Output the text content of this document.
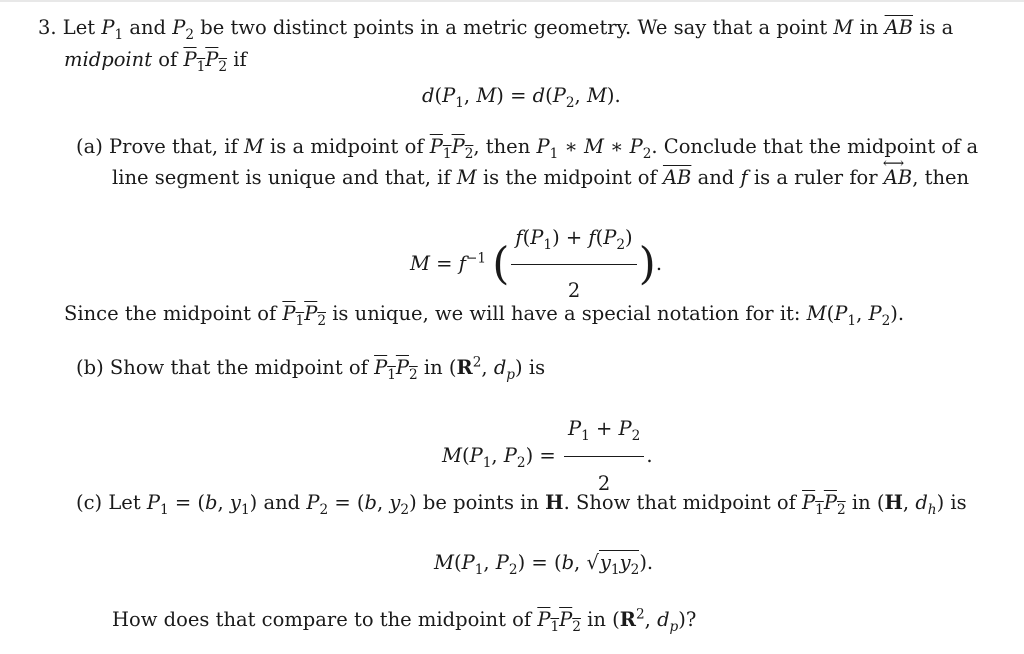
3. Let $P_1$ and $P_2$ be two distinct points in a metric geometry. We say that a point M in $\overline{AB}$ is a
midpoint of $P_1P_2$ if
$d(P_1$, $M) = d(P_2$, M).
(a) Prove that, if M is a midpoint of $P_1P_2$, then $P_1$ ∗ M ∗ $P_2$. Conclude that the midpoint of a
line segment is unique and that, if M is the midpoint of $\overline{AB}$ and f is a ruler for ⟷ AB, then
$M = f^{-1}$ ( $\frac{f(P_1) + f(P_2)}{2}$ ).
Since the midpoint of $P_1P_2$ is unique, we will have a special notation for it: $M(P_1$, $P_2$).
(b) Show that the midpoint of $P_1P_2$ in ($R^2$, $d_p$) is
$M(P_1$, $P_2) = \frac{P_1 + P_2}{2}$ .
(c) Let $P_1 = (b$, $y_1$) and $P_2 = (b$, $y_2$) be points in H. Show that midpoint of $P_1P_2$ in (H, $d_h$) is
$M(P_1$, $P_2) = (b$, $√y_1y_2$).
How does that compare to the midpoint of $P_1P_2$ in ($R^2$, $d_p$)?
